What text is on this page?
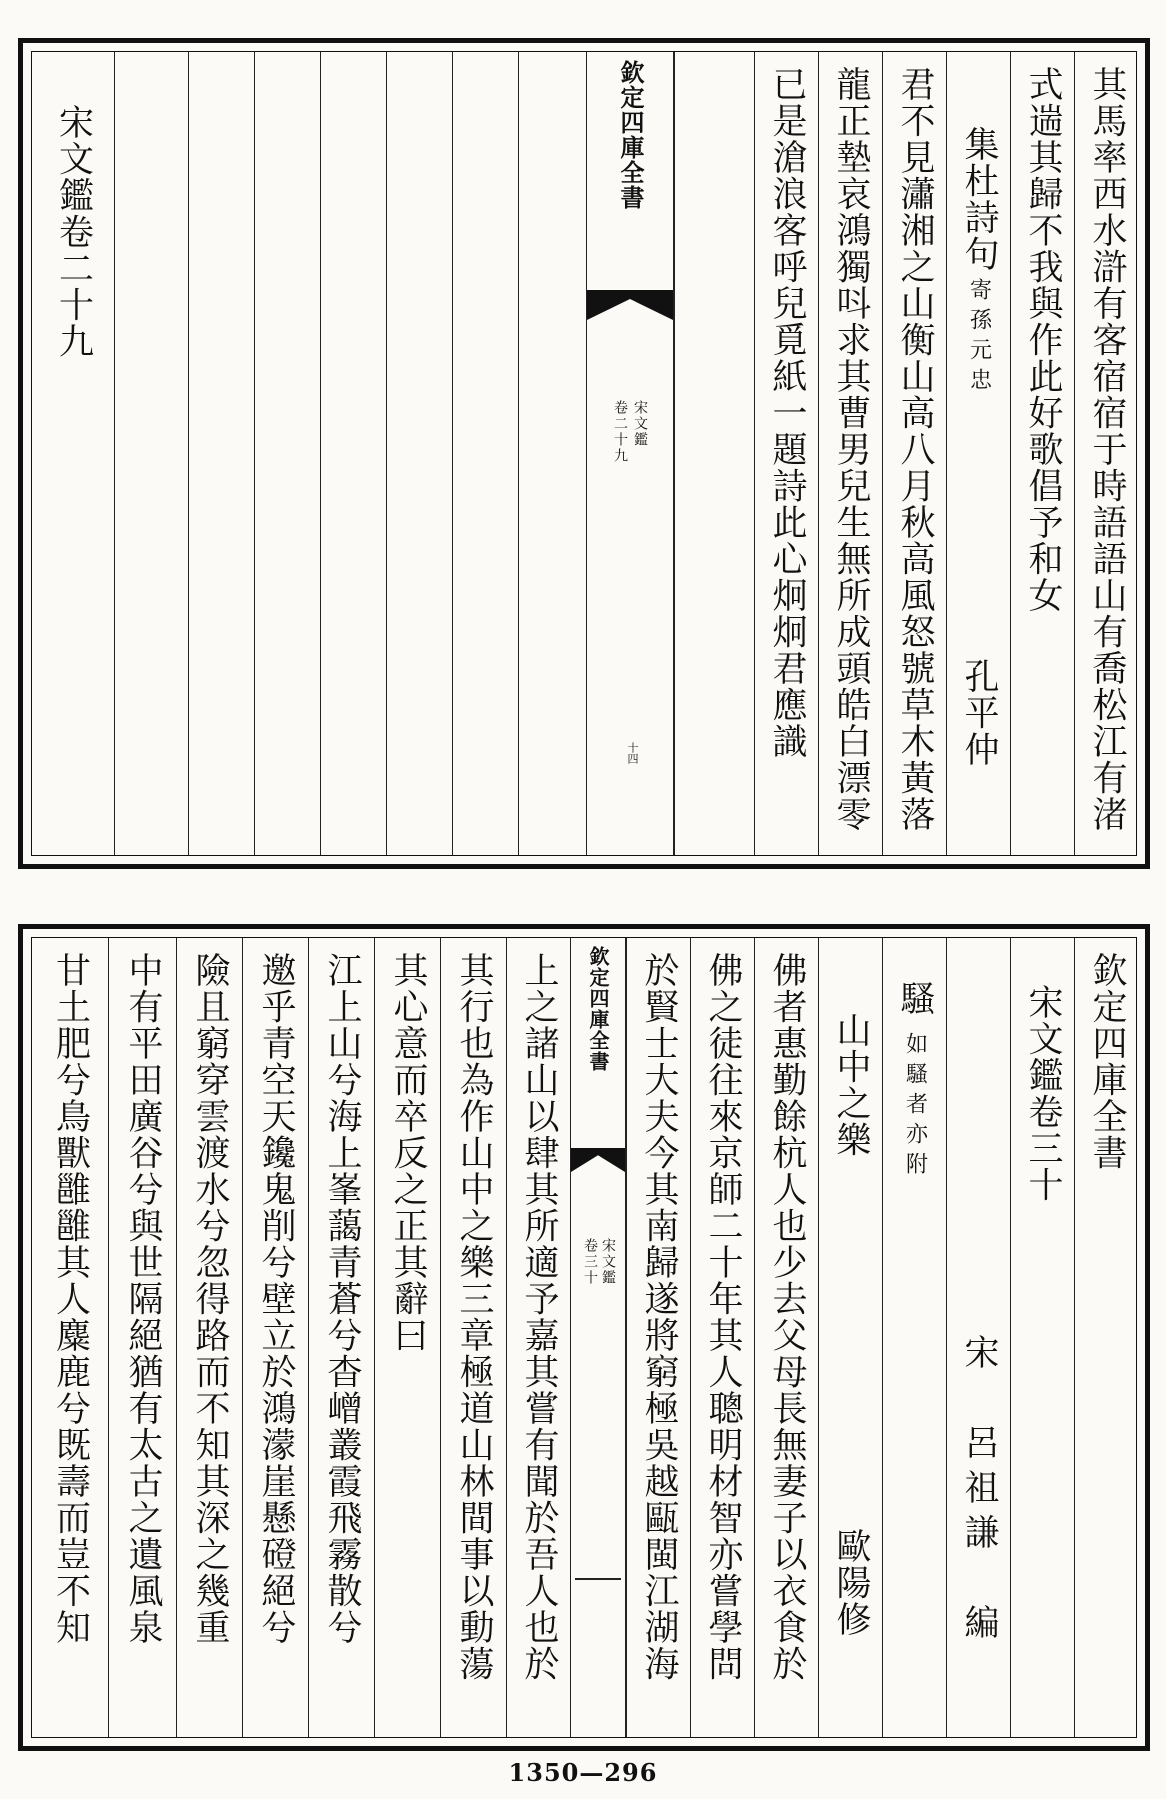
其馬率西水滸有客宿宿于時語語山有喬松江有渚
式遄其歸不我與作此好歌倡予和女
集杜詩句
寄孫元忠
孔平仲
君不見瀟湘之山衡山高八月秋高風怒號草木黃落
龍正墊哀鴻獨呌求其曹男兒生無所成頭皓白漂零
已是滄浪客呼兒覓紙一題詩此心炯炯君應識
欽定四庫全書
宋文鑑
卷二十九
十四
宋文鑑卷二十九
欽定四庫全書
宋文鑑卷三十
宋　呂祖謙　編
騷
如騷者亦附
山中之樂
歐陽修
佛者惠勤餘杭人也少去父母長無妻子以衣食於
佛之徒往來京師二十年其人聰明材智亦嘗學問
於賢士大夫今其南歸遂將窮極吳越甌閩江湖海
欽定四庫全書
宋文鑑
卷三十
上之諸山以肆其所適予嘉其嘗有聞於吾人也於
其行也為作山中之樂三章極道山林間事以動蕩
其心意而卒反之正其辭曰
江上山兮海上峯藹青蒼兮杳嶒叢霞飛霧散兮
邀乎青空天鑱鬼削兮壁立於鴻濛崖懸磴絕兮
險且窮穿雲渡水兮忽得路而不知其深之幾重
中有平田廣谷兮與世隔絕猶有太古之遺風泉
甘土肥兮鳥獸雝雝其人麋鹿兮既壽而豈不知
1350—296
